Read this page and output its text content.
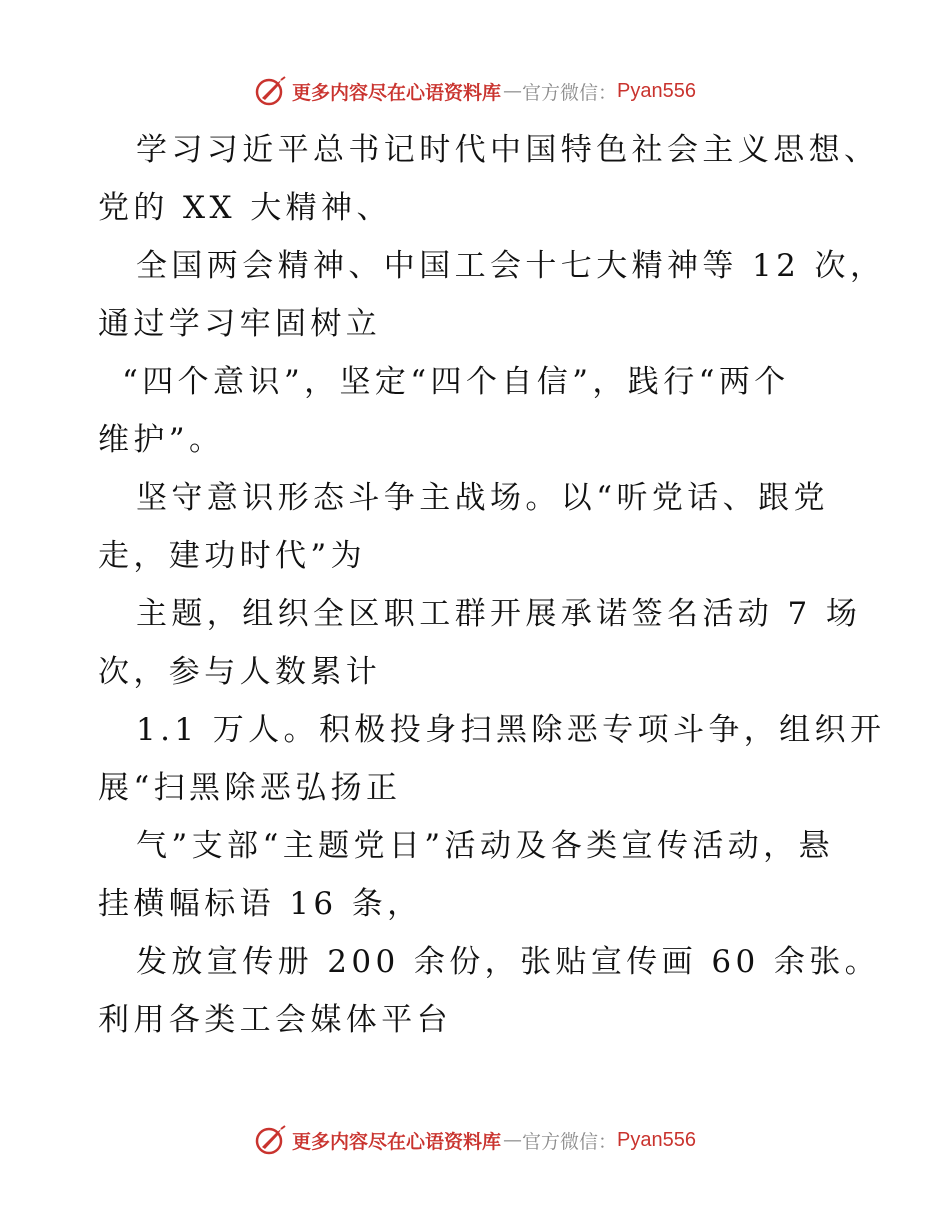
更多内容尽在心语资料库 — 官方微信： Pyan556
学习习近平总书记时代中国特色社会主义思想、
党的 XX 大精神、
全国两会精神、中国工会十七大精神等 12 次，
通过学习牢固树立
“四个意识”，坚定“四个自信”，践行“两个
维护”。
坚守意识形态斗争主战场。以“听党话、跟党
走，建功时代”为
主题，组织全区职工群开展承诺签名活动 7 场
次，参与人数累计
1.1 万人。积极投身扫黑除恶专项斗争，组织开
展“扫黑除恶弘扬正
气”支部“主题党日”活动及各类宣传活动，悬
挂横幅标语 16 条，
发放宣传册 200 余份，张贴宣传画 60 余张。
利用各类工会媒体平台
更多内容尽在心语资料库 — 官方微信： Pyan556
